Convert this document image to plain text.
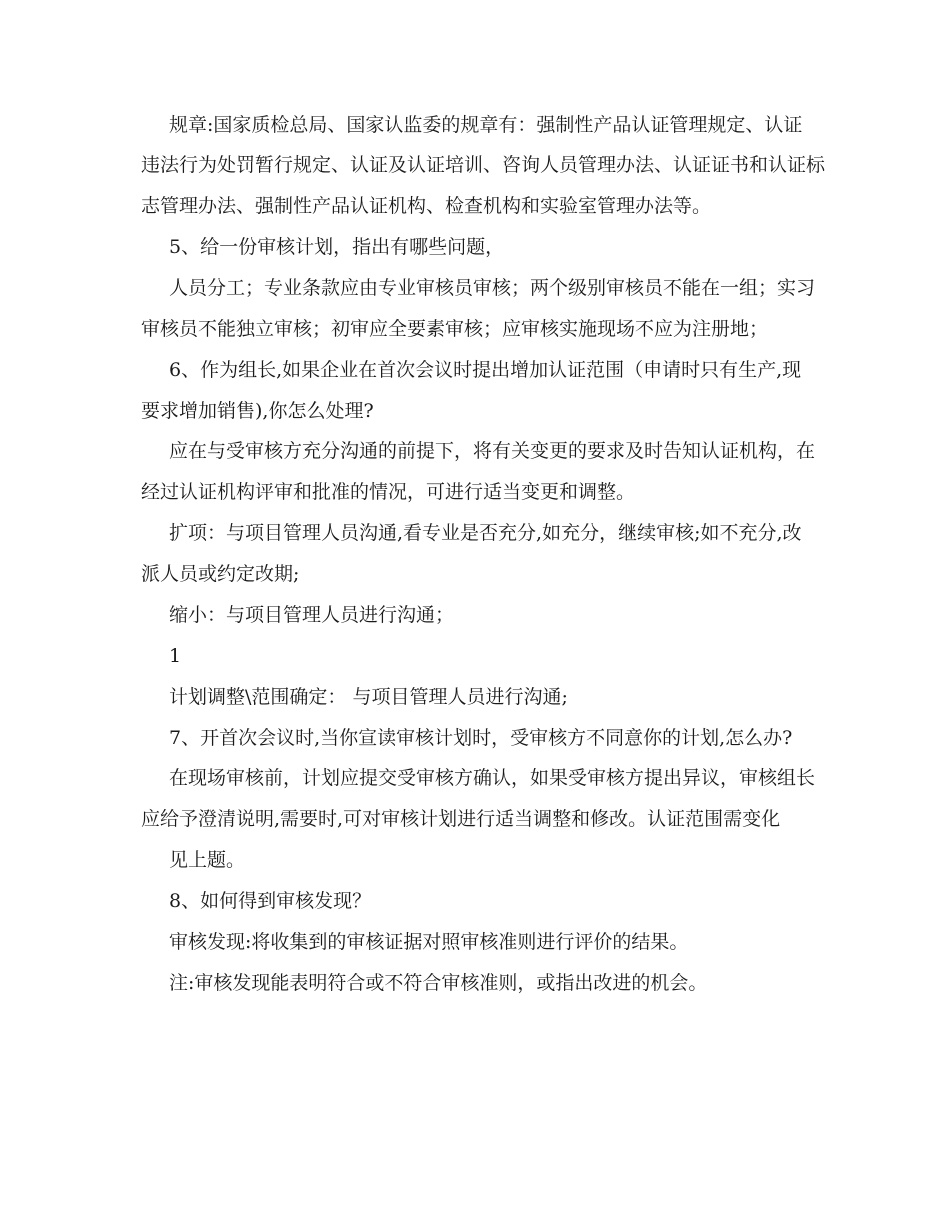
规章:国家质检总局、国家认监委的规章有：强制性产品认证管理规定、认证
违法行为处罚暂行规定、认证及认证培训、咨询人员管理办法、认证证书和认证标
志管理办法、强制性产品认证机构、检查机构和实验室管理办法等。
5、给一份审核计划，指出有哪些问题，
人员分工；专业条款应由专业审核员审核；两个级别审核员不能在一组；实习
审核员不能独立审核；初审应全要素审核；应审核实施现场不应为注册地；
6、作为组长,如果企业在首次会议时提出增加认证范围（申请时只有生产,现
要求增加销售),你怎么处理?
应在与受审核方充分沟通的前提下，将有关变更的要求及时告知认证机构，在
经过认证机构评审和批准的情况，可进行适当变更和调整。
扩项：与项目管理人员沟通,看专业是否充分,如充分，继续审核;如不充分,改
派人员或约定改期;
缩小：与项目管理人员进行沟通；
1
计划调整\范围确定： 与项目管理人员进行沟通;
7、开首次会议时,当你宣读审核计划时，受审核方不同意你的计划,怎么办?
在现场审核前，计划应提交受审核方确认，如果受审核方提出异议，审核组长
应给予澄清说明,需要时,可对审核计划进行适当调整和修改。认证范围需变化
见上题。
8、如何得到审核发现？
审核发现:将收集到的审核证据对照审核准则进行评价的结果。
注:审核发现能表明符合或不符合审核准则，或指出改进的机会。
